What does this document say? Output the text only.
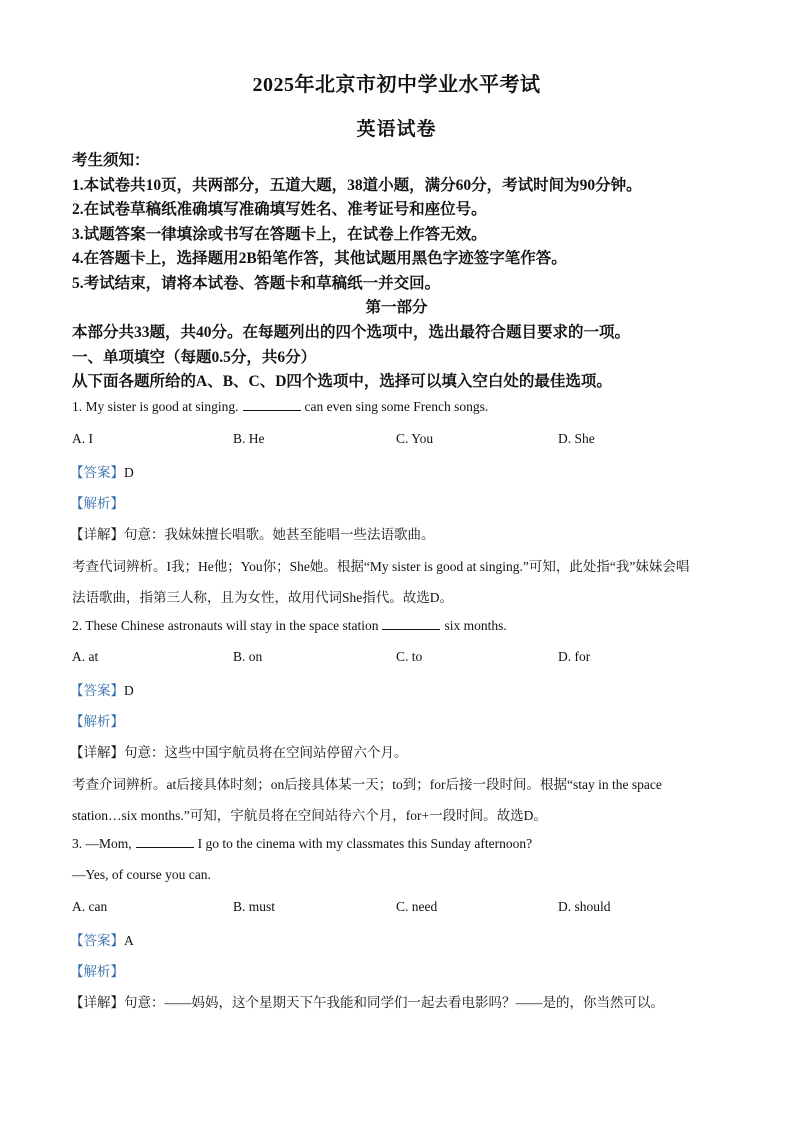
2025年北京市初中学业水平考试
英语试卷
考生须知：
1.本试卷共10页，共两部分，五道大题，38道小题，满分60分，考试时间为90分钟。
2.在试卷草稿纸准确填写准确填写姓名、准考证号和座位号。
3.试题答案一律填涂或书写在答题卡上，在试卷上作答无效。
4.在答题卡上，选择题用2B铅笔作答，其他试题用黑色字迹签字笔作答。
5.考试结束，请将本试卷、答题卡和草稿纸一并交回。
第一部分
本部分共33题，共40分。在每题列出的四个选项中，选出最符合题目要求的一项。
一、单项填空（每题0.5分，共6分）
从下面各题所给的A、B、C、D四个选项中，选择可以填入空白处的最佳选项。
1. My sister is good at singing.	can even sing some French songs.
A. I	B. He	C. You	D. She
【答案】D
【解析】
【详解】句意：我妹妹擅长唱歌。她甚至能唱一些法语歌曲。
考查代词辨析。I我；He他；You你；She她。根据“My sister is good at singing.”可知，此处指“我”妹妹会唱
法语歌曲，指第三人称，且为女性，故用代词She指代。故选D。
2. These Chinese astronauts will stay in the space station	six months.
A. at	B. on	C. to	D. for
【答案】D
【解析】
【详解】句意：这些中国宇航员将在空间站停留六个月。
考查介词辨析。at后接具体时刻；on后接具体某一天；to到；for后接一段时间。根据“stay in the space
station…six months.”可知，宇航员将在空间站待六个月，for+一段时间。故选D。
3. —Mom,	I go to the cinema with my classmates this Sunday afternoon?
—Yes, of course you can.
A. can	B. must	C. need	D. should
【答案】A
【解析】
【详解】句意：——妈妈，这个星期天下午我能和同学们一起去看电影吗？——是的，你当然可以。
